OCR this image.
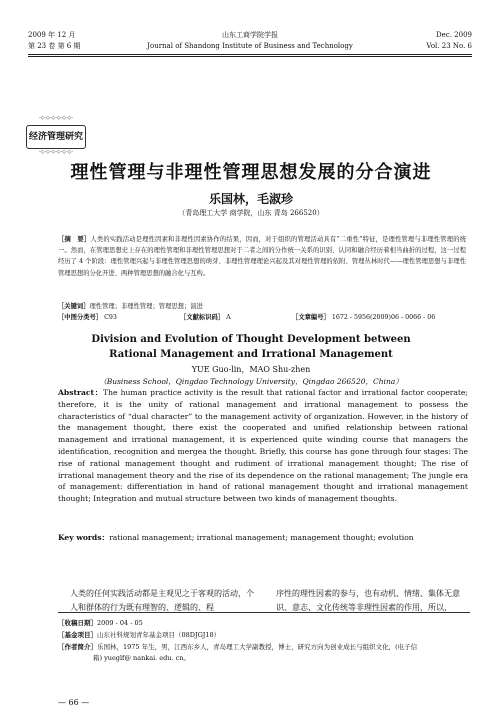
2009 年 12 月	山东工商学院学报	Dec. 2009
第 23 卷 第 6 期	Journal of Shandong Institute of Business and Technology	Vol. 23 No. 6
·◇·◇·◇·◇·◇·◇·
经济管理研究
·◇·◇·◇·◇·◇·◇·
理性管理与非理性管理思想发展的分合演进
乐国林，毛淑珍
（青岛理工大学 商学院，山东 青岛 266520）
［摘　要］人类的实践活动是理性因素和非理性因素协作的结果，因而，对于组织的管理活动具有“二重性”特征，是理性管理与非理性管理的统一。然而，在管理思想史上存在的理性管理和非理性管理思想对于二者之间的分作统一关系的识别、认同和融合经历着相当曲折的过程，这一过程经历了 4 个阶段：理性管理兴起与非理性管理思想的萌芽、非理性管理理论兴起及其对理性管理的依附、管理丛林时代——理性管理思想与非理性管理思想的分化开进、两种管理思想的融合化与互构。
［关键词］理性管理；非理性管理；管理思想；演进
［中图分类号］ C93	［文献标识码］ A	［文章编号］ 1672 - 5956(2009)06 - 0066 - 06
Division and Evolution of Thought Development between
Rational Management and Irrational Management
YUE Guo-lin，MAO Shu-zhen
（Business School，Qingdao Technology University，Qingdao 266520，China）
Abstract：The human practice activity is the result that rational factor and irrational factor cooperate; therefore, it is the unity of rational management and irrational management to possess the characteristics of “dual character” to the management activity of organization. However, in the history of the management thought, there exist the cooperated and unified relationship between rational management and irrational management, it is experienced quite winding course that managers the identification, recognition and mergea the thought. Briefly, this course has gone through four stages: The rise of rational management thought and rudiment of irrational management thought; The rise of irrational management theory and the rise of its dependence on the rational management; The jungle era of management: differentiation in hand of rational management thought and irrational management thought; Integration and mutual structure between two kinds of management thoughts.
Key words：rational management; irrational management; management thought; evolution
人类的任何实践活动都是主观见之于客观的活动，个人和群体的行为既有理智的、逻辑的、程
序性的理性因素的参与，也有动机、情绪、集体无意识、意志、文化传统等非理性因素的作用，所以，
［收稿日期］2009 - 04 - 05
［基金项目］山东社科规划青年基金项目（08DJGJ18）
［作者简介］乐国林，1975 年生，男，江西东乡人，青岛理工大学副教授，博士，研究方向为创业成长与组织文化，(电子信
箱) yueglf@ nankai. edu. cn。
— 66 —
